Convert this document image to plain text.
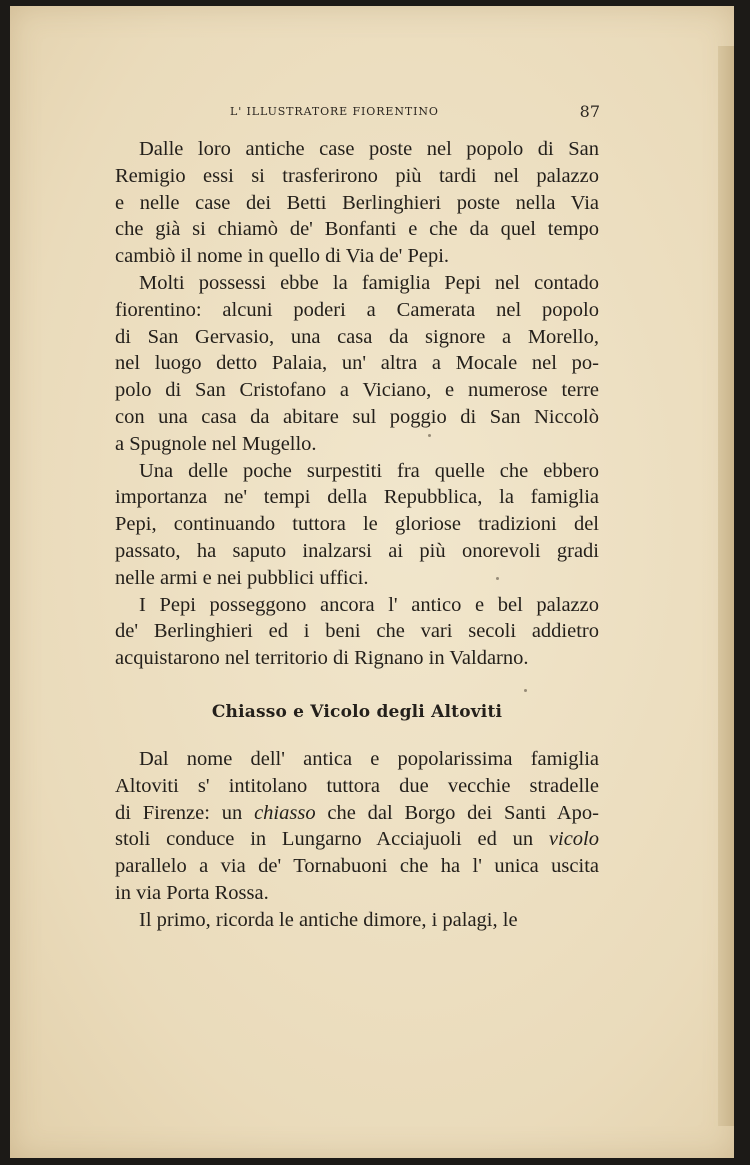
L' ILLUSTRATORE FIORENTINO	87
Dalle loro antiche case poste nel popolo di San
Remigio essi si trasferirono più tardi nel palazzo
e nelle case dei Betti Berlinghieri poste nella Via
che già si chiamò de' Bonfanti e che da quel tempo
cambiò il nome in quello di Via de' Pepi.
Molti possessi ebbe la famiglia Pepi nel contado
fiorentino: alcuni poderi a Camerata nel popolo
di San Gervasio, una casa da signore a Morello,
nel luogo detto Palaia, un' altra a Mocale nel po-
polo di San Cristofano a Viciano, e numerose terre
con una casa da abitare sul poggio di San Niccolò
a Spugnole nel Mugello.
Una delle poche surpestiti fra quelle che ebbero
importanza ne' tempi della Repubblica, la famiglia
Pepi, continuando tuttora le gloriose tradizioni del
passato, ha saputo inalzarsi ai più onorevoli gradi
nelle armi e nei pubblici uffici.
I Pepi posseggono ancora l' antico e bel palazzo
de' Berlinghieri ed i beni che vari secoli addietro
acquistarono nel territorio di Rignano in Valdarno.
Chiasso e Vicolo degli Altoviti
Dal nome dell' antica e popolarissima famiglia
Altoviti s' intitolano tuttora due vecchie stradelle
di Firenze: un chiasso che dal Borgo dei Santi Apo-
stoli conduce in Lungarno Acciajuoli ed un vicolo
parallelo a via de' Tornabuoni che ha l' unica uscita
in via Porta Rossa.
Il primo, ricorda le antiche dimore, i palagi, le
